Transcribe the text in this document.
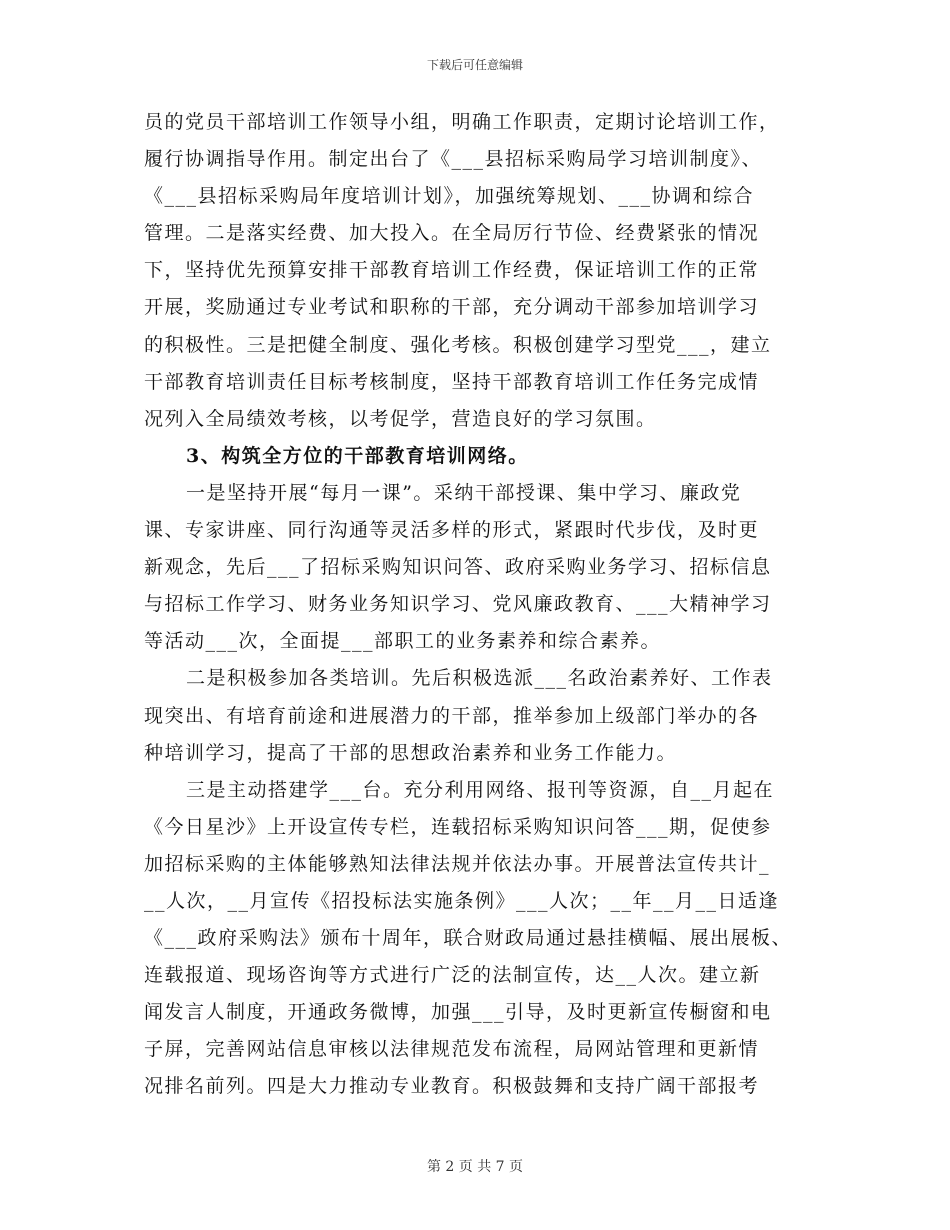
下载后可任意编辑
员的党员干部培训工作领导小组，明确工作职责，定期讨论培训工作，
履行协调指导作用。制定出台了《___县招标采购局学习培训制度》、
《___县招标采购局年度培训计划》，加强统筹规划、___协调和综合
管理。二是落实经费、加大投入。在全局厉行节俭、经费紧张的情况
下，坚持优先预算安排干部教育培训工作经费，保证培训工作的正常
开展，奖励通过专业考试和职称的干部，充分调动干部参加培训学习
的积极性。三是把健全制度、强化考核。积极创建学习型党___，建立
干部教育培训责任目标考核制度，坚持干部教育培训工作任务完成情
况列入全局绩效考核，以考促学，营造良好的学习氛围。
3、构筑全方位的干部教育培训网络。
一是坚持开展“每月一课”。采纳干部授课、集中学习、廉政党
课、专家讲座、同行沟通等灵活多样的形式，紧跟时代步伐，及时更
新观念，先后___了招标采购知识问答、政府采购业务学习、招标信息
与招标工作学习、财务业务知识学习、党风廉政教育、___大精神学习
等活动___次，全面提___部职工的业务素养和综合素养。
二是积极参加各类培训。先后积极选派___名政治素养好、工作表
现突出、有培育前途和进展潜力的干部，推举参加上级部门举办的各
种培训学习，提高了干部的思想政治素养和业务工作能力。
三是主动搭建学___台。充分利用网络、报刊等资源，自__月起在
《今日星沙》上开设宣传专栏，连载招标采购知识问答___期，促使参
加招标采购的主体能够熟知法律法规并依法办事。开展普法宣传共计_
__人次，__月宣传《招投标法实施条例》___人次；__年__月__日适逢
《___政府采购法》颁布十周年，联合财政局通过悬挂横幅、展出展板、
连载报道、现场咨询等方式进行广泛的法制宣传，达__人次。建立新
闻发言人制度，开通政务微博，加强___引导，及时更新宣传橱窗和电
子屏，完善网站信息审核以法律规范发布流程，局网站管理和更新情
况排名前列。四是大力推动专业教育。积极鼓舞和支持广阔干部报考
第 2 页 共 7 页
